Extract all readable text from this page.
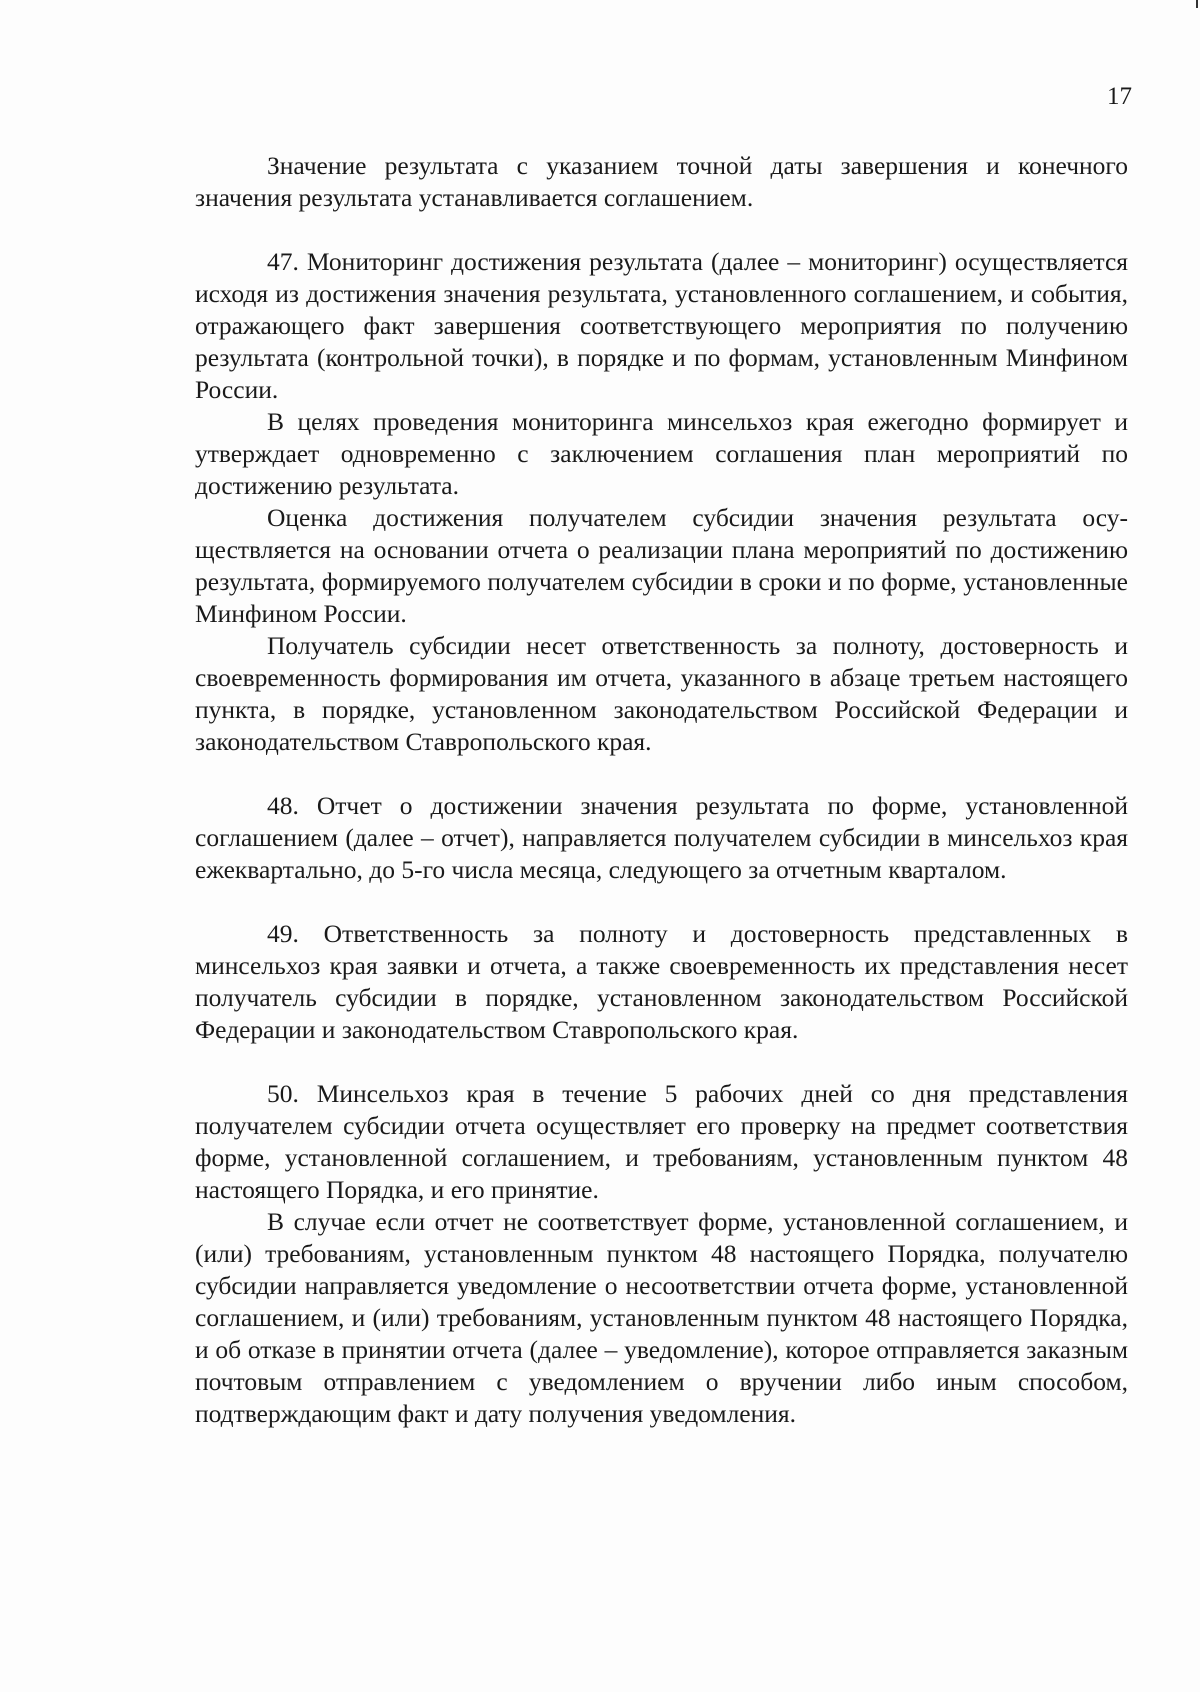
17

Значение результата с указанием точной даты завершения и конечного значения результата устанавливается соглашением.

47. Мониторинг достижения результата (далее – мониторинг) осуществляется исходя из достижения значения результата, установленного соглашением, и события, отражающего факт завершения соответствующего мероприятия по получению результата (контрольной точки), в порядке и по формам, установленным Минфином России.

В целях проведения мониторинга минсельхоз края ежегодно формирует и утверждает одновременно с заключением соглашения план мероприятий по достижению результата.

Оценка достижения получателем субсидии значения результата осуществляется на основании отчета о реализации плана мероприятий по достижению результата, формируемого получателем субсидии в сроки и по форме, установленные Минфином России.

Получатель субсидии несет ответственность за полноту, достоверность и своевременность формирования им отчета, указанного в абзаце третьем настоящего пункта, в порядке, установленном законодательством Российской Федерации и законодательством Ставропольского края.

48. Отчет о достижении значения результата по форме, установленной соглашением (далее – отчет), направляется получателем субсидии в минсельхоз края ежеквартально, до 5-го числа месяца, следующего за отчетным кварталом.

49. Ответственность за полноту и достоверность представленных в минсельхоз края заявки и отчета, а также своевременность их представления несет получатель субсидии в порядке, установленном законодательством Российской Федерации и законодательством Ставропольского края.

50. Минсельхоз края в течение 5 рабочих дней со дня представления получателем субсидии отчета осуществляет его проверку на предмет соответствия форме, установленной соглашением, и требованиям, установленным пунктом 48 настоящего Порядка, и его принятие.

В случае если отчет не соответствует форме, установленной соглашением, и (или) требованиям, установленным пунктом 48 настоящего Порядка, получателю субсидии направляется уведомление о несоответствии отчета форме, установленной соглашением, и (или) требованиям, установленным пунктом 48 настоящего Порядка, и об отказе в принятии отчета (далее – уведомление), которое отправляется заказным почтовым отправлением с уведомлением о вручении либо иным способом, подтверждающим факт и дату получения уведомления.
